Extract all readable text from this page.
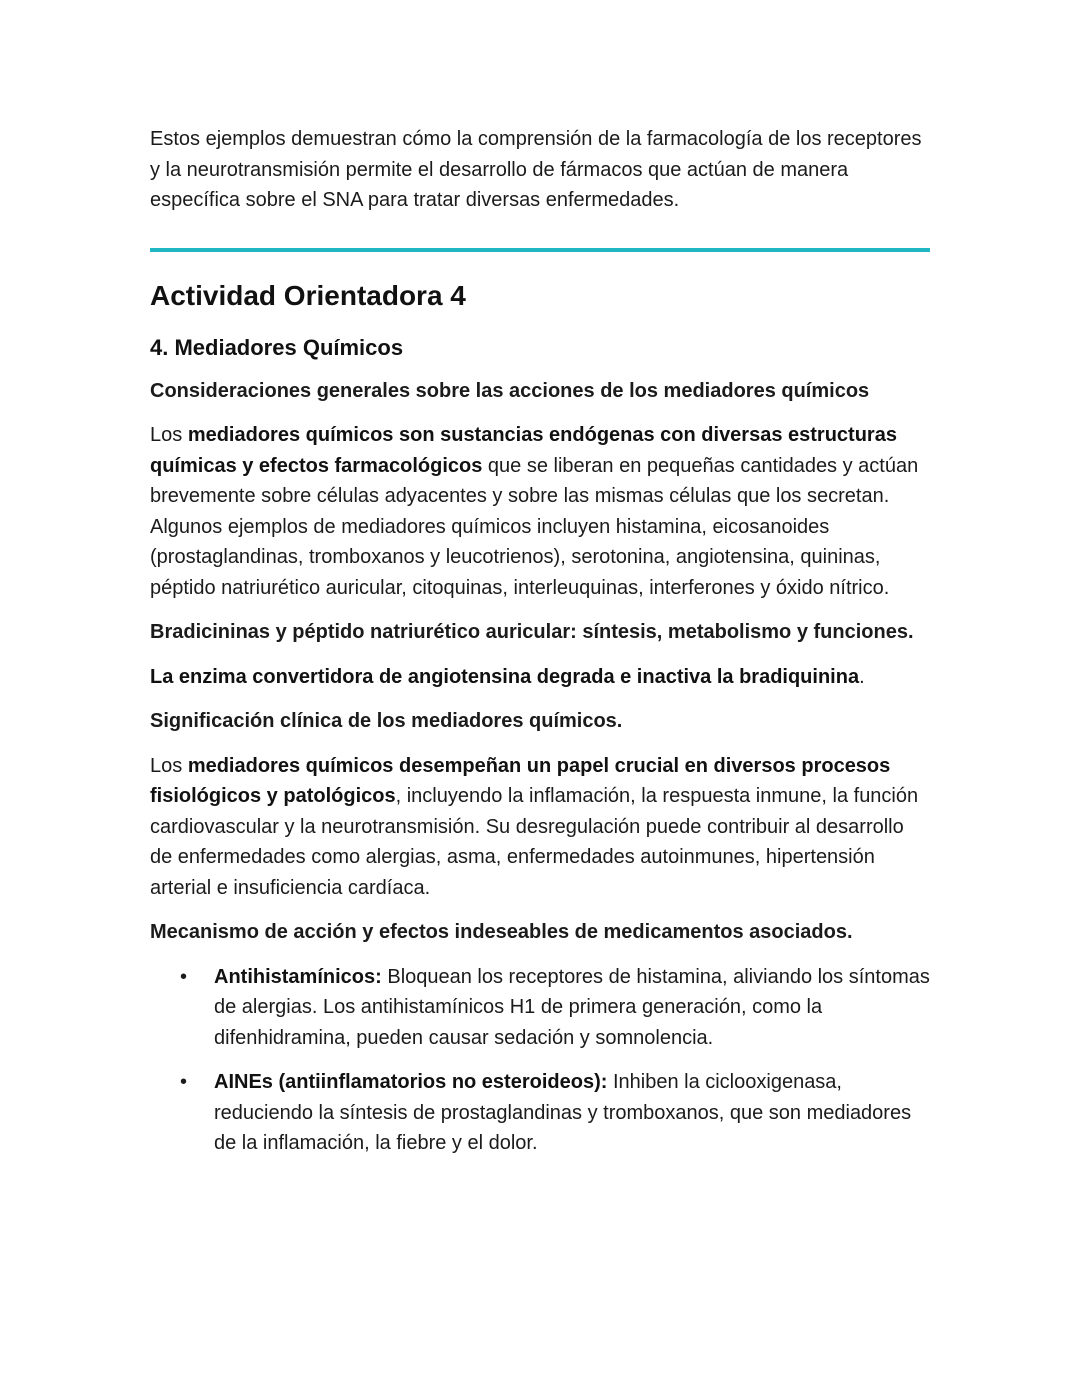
Estos ejemplos demuestran cómo la comprensión de la farmacología de los receptores y la neurotransmisión permite el desarrollo de fármacos que actúan de manera específica sobre el SNA para tratar diversas enfermedades.

Actividad Orientadora 4
4. Mediadores Químicos

Consideraciones generales sobre las acciones de los mediadores químicos

Los mediadores químicos son sustancias endógenas con diversas estructuras químicas y efectos farmacológicos que se liberan en pequeñas cantidades y actúan brevemente sobre células adyacentes y sobre las mismas células que los secretan. Algunos ejemplos de mediadores químicos incluyen histamina, eicosanoides (prostaglandinas, tromboxanos y leucotrienos), serotonina, angiotensina, quininas, péptido natriurético auricular, citoquinas, interleuquinas, interferones y óxido nítrico.

Bradicininas y péptido natriurético auricular: síntesis, metabolismo y funciones.

La enzima convertidora de angiotensina degrada e inactiva la bradiquinina.

Significación clínica de los mediadores químicos.

Los mediadores químicos desempeñan un papel crucial en diversos procesos fisiológicos y patológicos, incluyendo la inflamación, la respuesta inmune, la función cardiovascular y la neurotransmisión. Su desregulación puede contribuir al desarrollo de enfermedades como alergias, asma, enfermedades autoinmunes, hipertensión arterial e insuficiencia cardíaca.

Mecanismo de acción y efectos indeseables de medicamentos asociados.

• Antihistamínicos: Bloquean los receptores de histamina, aliviando los síntomas de alergias. Los antihistamínicos H1 de primera generación, como la difenhidramina, pueden causar sedación y somnolencia.
• AINEs (antiinflamatorios no esteroideos): Inhiben la ciclooxigenasa, reduciendo la síntesis de prostaglandinas y tromboxanos, que son mediadores de la inflamación, la fiebre y el dolor.
